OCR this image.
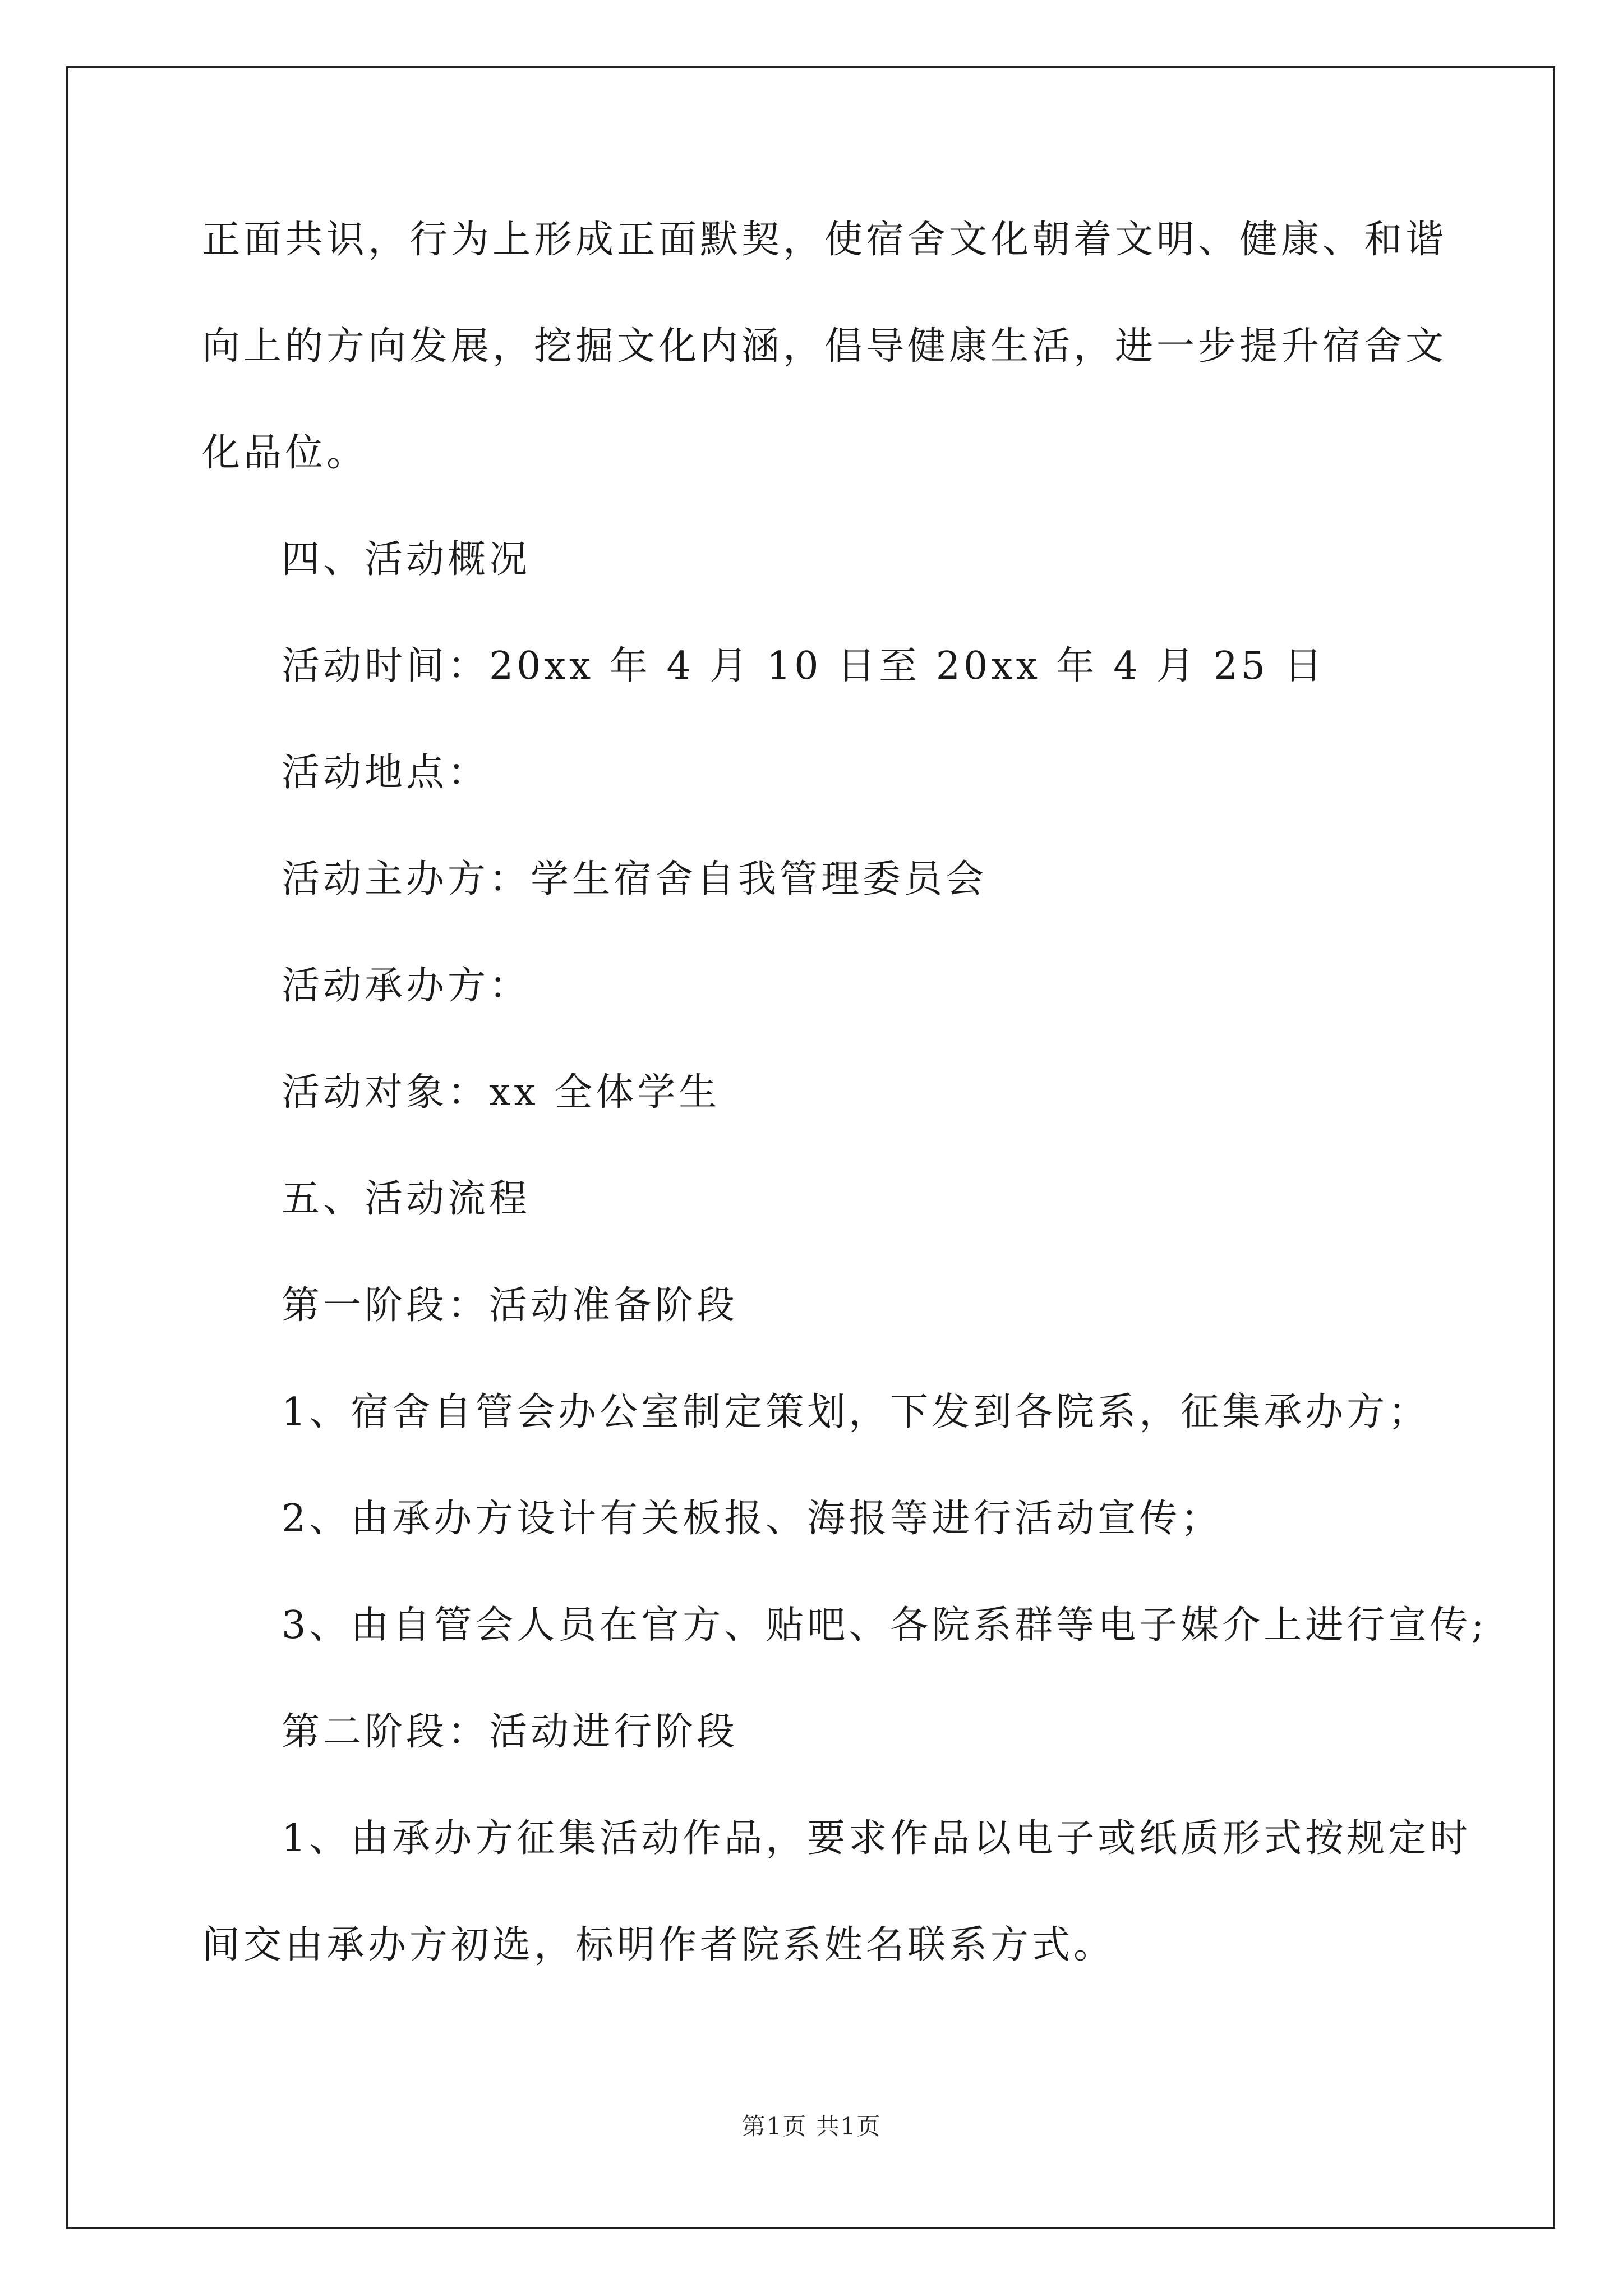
正面共识，行为上形成正面默契，使宿舍文化朝着文明、健康、和谐

向上的方向发展，挖掘文化内涵，倡导健康生活，进一步提升宿舍文

化品位。

四、活动概况

活动时间：20xx 年 4 月 10 日至 20xx 年 4 月 25 日

活动地点：

活动主办方：学生宿舍自我管理委员会

活动承办方：

活动对象：xx 全体学生

五、活动流程

第一阶段：活动准备阶段

1、宿舍自管会办公室制定策划，下发到各院系，征集承办方；

2、由承办方设计有关板报、海报等进行活动宣传；

3、由自管会人员在官方、贴吧、各院系群等电子媒介上进行宣传;

第二阶段：活动进行阶段

1、由承办方征集活动作品，要求作品以电子或纸质形式按规定时

间交由承办方初选，标明作者院系姓名联系方式。

第1页 共1页
